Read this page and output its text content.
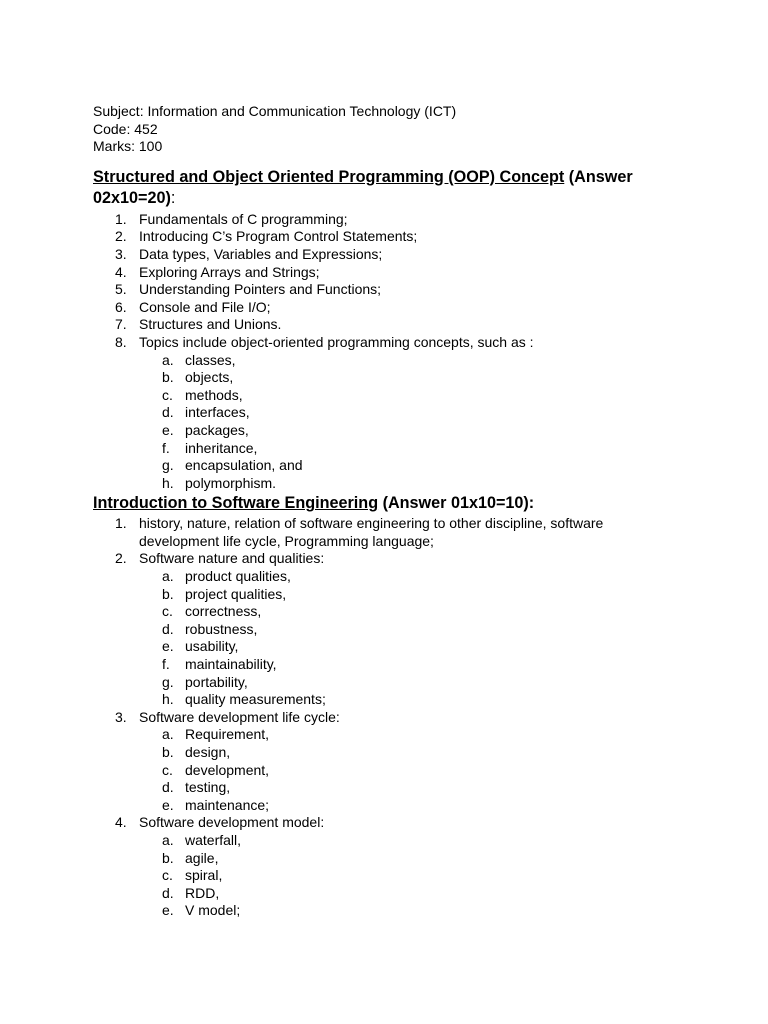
Subject: Information and Communication Technology (ICT)
Code: 452
Marks: 100
Structured and Object Oriented Programming (OOP) Concept (Answer 02x10=20):
1. Fundamentals of C programming;
2. Introducing C’s Program Control Statements;
3. Data types, Variables and Expressions;
4. Exploring Arrays and Strings;
5. Understanding Pointers and Functions;
6. Console and File I/O;
7. Structures and Unions.
8. Topics include object-oriented programming concepts, such as :
a. classes,
b. objects,
c. methods,
d. interfaces,
e. packages,
f. inheritance,
g. encapsulation, and
h. polymorphism.
Introduction to Software Engineering (Answer 01x10=10):
1. history, nature, relation of software engineering to other discipline, software development life cycle, Programming language;
2. Software nature and qualities:
a. product qualities,
b. project qualities,
c. correctness,
d. robustness,
e. usability,
f. maintainability,
g. portability,
h. quality measurements;
3. Software development life cycle:
a. Requirement,
b. design,
c. development,
d. testing,
e. maintenance;
4. Software development model:
a. waterfall,
b. agile,
c. spiral,
d. RDD,
e. V model;
